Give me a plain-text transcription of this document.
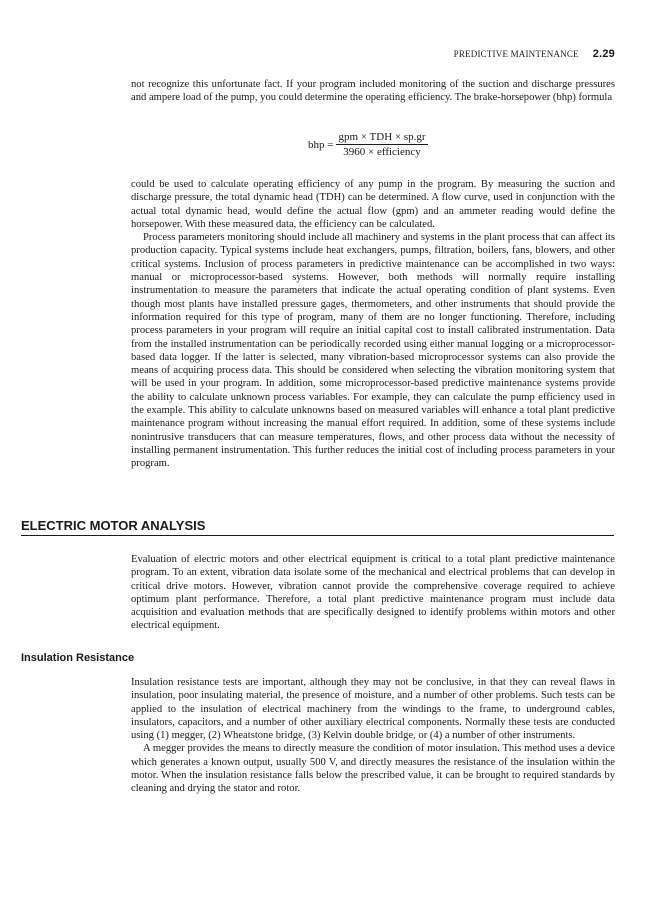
PREDICTIVE MAINTENANCE 2.29

not recognize this unfortunate fact. If your program included monitoring of the suction and discharge pressures and ampere load of the pump, you could determine the operating efficiency. The brake-horsepower (bhp) formula

bhp = $\frac{\text{gpm × TDH × sp.gr}}{\text{3960 × efficiency}}$

could be used to calculate operating efficiency of any pump in the program. By measuring the suction and discharge pressure, the total dynamic head (TDH) can be determined. A flow curve, used in conjunction with the actual total dynamic head, would define the actual flow (gpm) and an ammeter reading would define the horsepower. With these measured data, the efficiency can be calculated.

Process parameters monitoring should include all machinery and systems in the plant process that can affect its production capacity. Typical systems include heat exchangers, pumps, filtration, boilers, fans, blowers, and other critical systems. Inclusion of process parameters in predictive maintenance can be accomplished in two ways: manual or microprocessor-based systems. However, both methods will normally require installing instrumentation to measure the parameters that indicate the actual operating condition of plant systems. Even though most plants have installed pressure gages, thermometers, and other instruments that should provide the information required for this type of program, many of them are no longer functioning. Therefore, including process parameters in your program will require an initial capital cost to install calibrated instrumentation. Data from the installed instrumentation can be periodically recorded using either manual logging or a microprocessor-based data logger. If the latter is selected, many vibration-based microprocessor systems can also provide the means of acquiring process data. This should be considered when selecting the vibration monitoring system that will be used in your program. In addition, some microprocessor-based predictive maintenance systems provide the ability to calculate unknown process variables. For example, they can calculate the pump efficiency used in the example. This ability to calculate unknowns based on measured variables will enhance a total plant predictive maintenance program without increasing the manual effort required. In addition, some of these systems include nonintrusive transducers that can measure temperatures, flows, and other process data without the necessity of installing permanent instrumentation. This further reduces the initial cost of including process parameters in your program.

ELECTRIC MOTOR ANALYSIS

Evaluation of electric motors and other electrical equipment is critical to a total plant predictive maintenance program. To an extent, vibration data isolate some of the mechanical and electrical problems that can develop in critical drive motors. However, vibration cannot provide the comprehensive coverage required to achieve optimum plant performance. Therefore, a total plant predictive maintenance program must include data acquisition and evaluation methods that are specifically designed to identify problems within motors and other electrical equipment.

Insulation Resistance

Insulation resistance tests are important, although they may not be conclusive, in that they can reveal flaws in insulation, poor insulating material, the presence of moisture, and a number of other problems. Such tests can be applied to the insulation of electrical machinery from the windings to the frame, to underground cables, insulators, capacitors, and a number of other auxiliary electrical components. Normally these tests are conducted using (1) megger, (2) Wheatstone bridge, (3) Kelvin double bridge, or (4) a number of other instruments.

A megger provides the means to directly measure the condition of motor insulation. This method uses a device which generates a known output, usually 500 V, and directly measures the resistance of the insulation within the motor. When the insulation resistance falls below the prescribed value, it can be brought to required standards by cleaning and drying the stator and rotor.
